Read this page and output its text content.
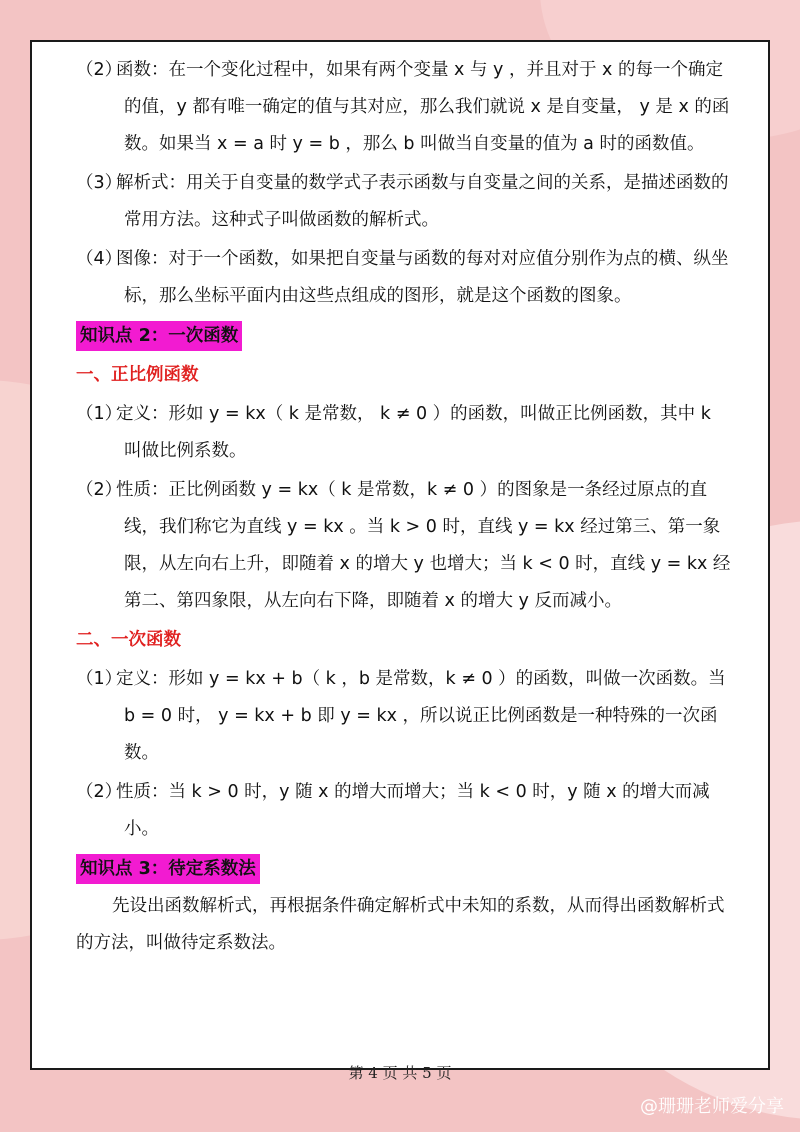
（2）函数：在一个变化过程中，如果有两个变量 x 与 y ，并且对于 x 的每一个确定的值，y 都有唯一确定的值与其对应，那么我们就说 x 是自变量， y 是 x 的函数。如果当 x = a 时 y = b ，那么 b 叫做当自变量的值为 a 时的函数值。
（3）解析式：用关于自变量的数学式子表示函数与自变量之间的关系，是描述函数的常用方法。这种式子叫做函数的解析式。
（4）图像：对于一个函数，如果把自变量与函数的每对对应值分别作为点的横、纵坐标，那么坐标平面内由这些点组成的图形，就是这个函数的图象。
知识点 2：一次函数
一、正比例函数
（1）定义：形如 y = kx（ k 是常数， k ≠ 0 ）的函数，叫做正比例函数，其中 k 叫做比例系数。
（2）性质：正比例函数 y = kx（ k 是常数，k ≠ 0 ）的图象是一条经过原点的直线，我们称它为直线 y = kx 。当 k > 0 时，直线 y = kx 经过第三、第一象限，从左向右上升，即随着 x 的增大 y 也增大；当 k < 0 时，直线 y = kx 经第二、第四象限，从左向右下降，即随着 x 的增大 y 反而减小。
二、一次函数
（1）定义：形如 y = kx + b（ k ，b 是常数，k ≠ 0 ）的函数，叫做一次函数。当 b = 0 时， y = kx + b 即 y = kx ，所以说正比例函数是一种特殊的一次函数。
（2）性质：当 k > 0 时，y 随 x 的增大而增大；当 k < 0 时，y 随 x 的增大而减小。
知识点 3：待定系数法
先设出函数解析式，再根据条件确定解析式中未知的系数，从而得出函数解析式的方法，叫做待定系数法。
第 4 页 共 5 页
@珊珊老师爱分享
